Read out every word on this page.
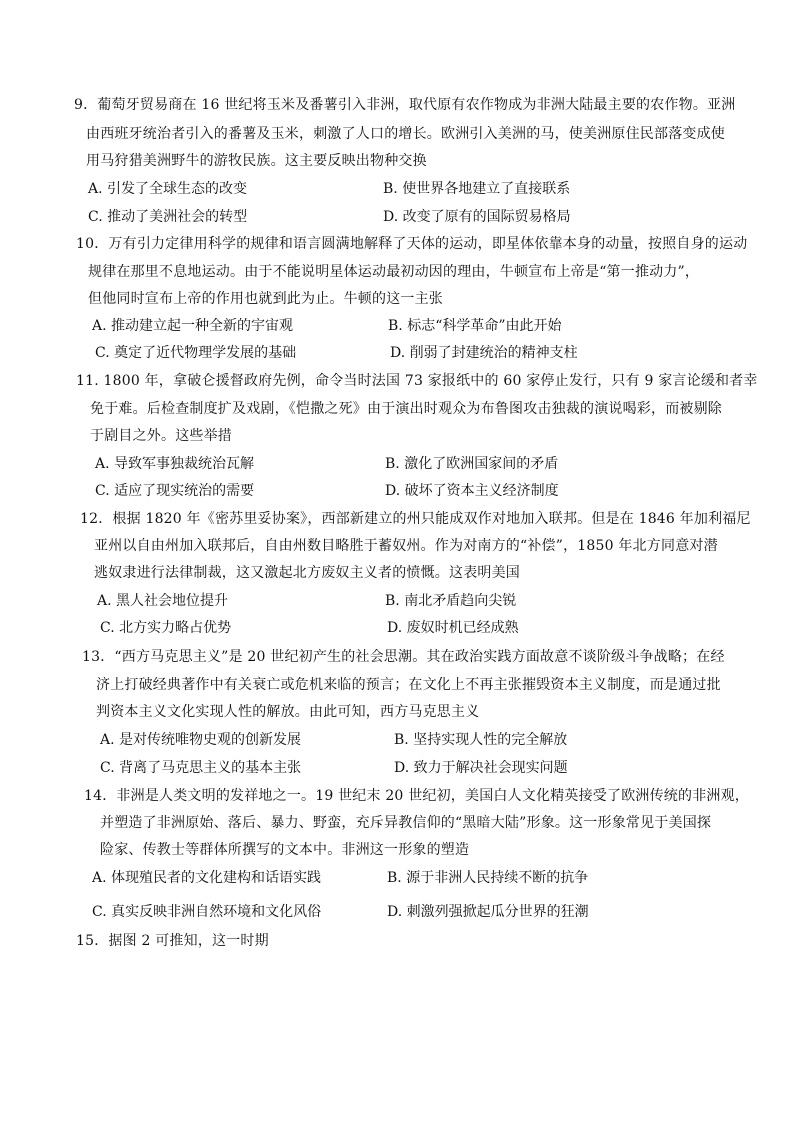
9．葡萄牙贸易商在 16 世纪将玉米及番薯引入非洲，取代原有农作物成为非洲大陆最主要的农作物。亚洲
由西班牙统治者引入的番薯及玉米，刺激了人口的增长。欧洲引入美洲的马，使美洲原住民部落变成使
用马狩猎美洲野牛的游牧民族。这主要反映出物种交换
A. 引发了全球生态的改变	B. 使世界各地建立了直接联系
C. 推动了美洲社会的转型	D. 改变了原有的国际贸易格局
10．万有引力定律用科学的规律和语言圆满地解释了天体的运动，即星体依靠本身的动量，按照自身的运动
规律在那里不息地运动。由于不能说明星体运动最初动因的理由，牛顿宣布上帝是“第一推动力”，
但他同时宣布上帝的作用也就到此为止。牛顿的这一主张
A. 推动建立起一种全新的宇宙观	B. 标志“科学革命”由此开始
C. 奠定了近代物理学发展的基础	D. 削弱了封建统治的精神支柱
11. 1800 年，拿破仑援督政府先例，命令当时法国 73 家报纸中的 60 家停止发行，只有 9 家言论缓和者幸
免于难。后检查制度扩及戏剧，《恺撒之死》由于演出时观众为布鲁图攻击独裁的演说喝彩，而被剔除
于剧目之外。这些举措
A. 导致军事独裁统治瓦解	B. 激化了欧洲国家间的矛盾
C. 适应了现实统治的需要	D. 破坏了资本主义经济制度
12．根据 1820 年《密苏里妥协案》，西部新建立的州只能成双作对地加入联邦。但是在 1846 年加利福尼
亚州以自由州加入联邦后，自由州数目略胜于蓄奴州。作为对南方的“补偿”，1850 年北方同意对潜
逃奴隶进行法律制裁，这又激起北方废奴主义者的愤慨。这表明美国
A. 黑人社会地位提升	B. 南北矛盾趋向尖锐
C. 北方实力略占优势	D. 废奴时机已经成熟
13．“西方马克思主义”是 20 世纪初产生的社会思潮。其在政治实践方面故意不谈阶级斗争战略；在经
济上打破经典著作中有关衰亡或危机来临的预言；在文化上不再主张摧毁资本主义制度，而是通过批
判资本主义文化实现人性的解放。由此可知，西方马克思主义
A. 是对传统唯物史观的创新发展	B. 坚持实现人性的完全解放
C. 背离了马克思主义的基本主张	D. 致力于解决社会现实问题
14．非洲是人类文明的发祥地之一。19 世纪末 20 世纪初，美国白人文化精英接受了欧洲传统的非洲观，
并塑造了非洲原始、落后、暴力、野蛮，充斥异教信仰的“黑暗大陆”形象。这一形象常见于美国探
险家、传教士等群体所撰写的文本中。非洲这一形象的塑造
A. 体现殖民者的文化建构和话语实践	B. 源于非洲人民持续不断的抗争
C. 真实反映非洲自然环境和文化风俗	D. 刺激列强掀起瓜分世界的狂潮
15．据图 2 可推知，这一时期
